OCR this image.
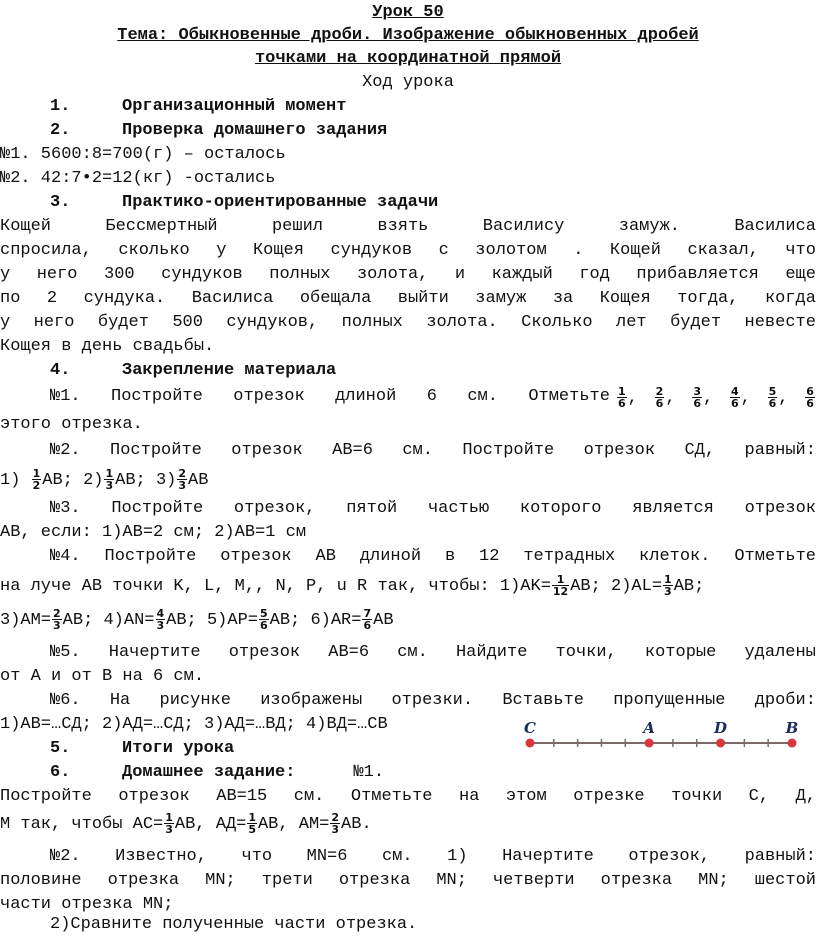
Урок 50
Тема: Обыкновенные дроби. Изображение обыкновенных дробей
точками на координатной прямой
Ход урока
1.	Организационный момент
2.	Проверка домашнего задания
№1. 5600:8=700(г) – осталось
№2. 42:7•2=12(кг) -остались
3.	Практико-ориентированные задачи
Кощей	Бессмертный	решил	взять	Василису	замуж.	Василиса
спросила, сколько у Кощея сундуков с золотом . Кощей сказал, что
у него 300 сундуков полных золота, и каждый год прибавляется еще
по 2 сундука. Василиса обещала выйти замуж за Кощея тогда, когда
у него будет 500 сундуков, полных золота. Сколько лет будет невесте
Кощея в день свадьбы.
4.	Закрепление материала
№1. Постройте отрезок длиной 6 см. Отметьте $\frac{1}{6}$ , $\frac{2}{6}$ , $\frac{3}{6}$ , $\frac{4}{6}$ , $\frac{5}{6}$ , $\frac{6}{6}$
этого отрезка.
№2. Постройте отрезок АВ=6 см. Постройте отрезок СД, равный:
$1) \frac{1}{2}$ АВ; $2) \frac{1}{3}$ АВ; $3) \frac{2}{3}$ АВ
№3. Постройте отрезок, пятой частью которого является отрезок
АВ, если: 1)АВ=2 см; 2)АВ=1 см
№4. Постройте отрезок АВ длиной в 12 тетрадных клеток. Отметьте
на луче АВ точки K, L, M,, N, P, u R так, чтобы: $1)АK= \frac{1}{12}$ АВ; $2)АL= \frac{1}{3}$ АВ;
$3)АM= \frac{2}{3}$ АВ; $4)АN= \frac{4}{3}$ АВ; $5)АP= \frac{5}{6}$ АВ; $6)АR= \frac{7}{6}$ АВ
№5. Начертите отрезок АВ=6 см. Найдите точки, которые удалены
от А и от В на 6 см.
№6. На рисунке изображены отрезки. Вставьте пропущенные дроби:
1)АВ=…СД; 2)АД=…СД; 3)АД=…ВД; 4)ВД=…СВ	C	A	D	B
5.	Итоги урока
6.	Домашнее задание:	№1.
Постройте отрезок АВ=15 см. Отметьте на этом отрезке точки С, Д,
М так, чтобы $АС= \frac{1}{3}$ АВ, $АД= \frac{1}{5}$ АВ, $АМ= \frac{2}{3}$ АВ.
№2. Известно, что MN=6 см. 1) Начертите отрезок, равный:
половине отрезка MN; трети отрезка MN; четверти отрезка MN; шестой
части отрезка MN;
2)Сравните полученные части отрезка.
